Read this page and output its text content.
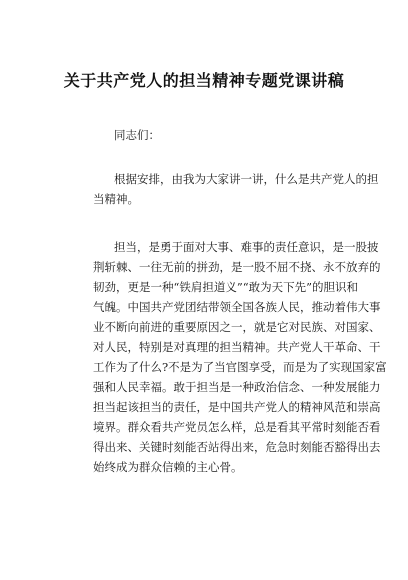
关于共产党人的担当精神专题党课讲稿
同志们：
根据安排，由我为大家讲一讲，什么是共产党人的担
当精神。
担当，是勇于面对大事、难事的责任意识，是一股披
荆斩棘、一往无前的拼劲，是一股不屈不挠、永不放弃的
韧劲，更是一种“铁肩担道义”“敢为天下先”的胆识和
气魄。中国共产党团结带领全国各族人民，推动着伟大事
业不断向前进的重要原因之一，就是它对民族、对国家、
对人民，特别是对真理的担当精神。共产党人干革命、干
工作为了什么?不是为了当官图享受，而是为了实现国家富
强和人民幸福。敢于担当是一种政治信念、一种发展能力
担当起该担当的责任，是中国共产党人的精神风范和崇高
境界。群众看共产党员怎么样，总是看其平常时刻能否看
得出来、关键时刻能否站得出来，危急时刻能否豁得出去
始终成为群众信赖的主心骨。
